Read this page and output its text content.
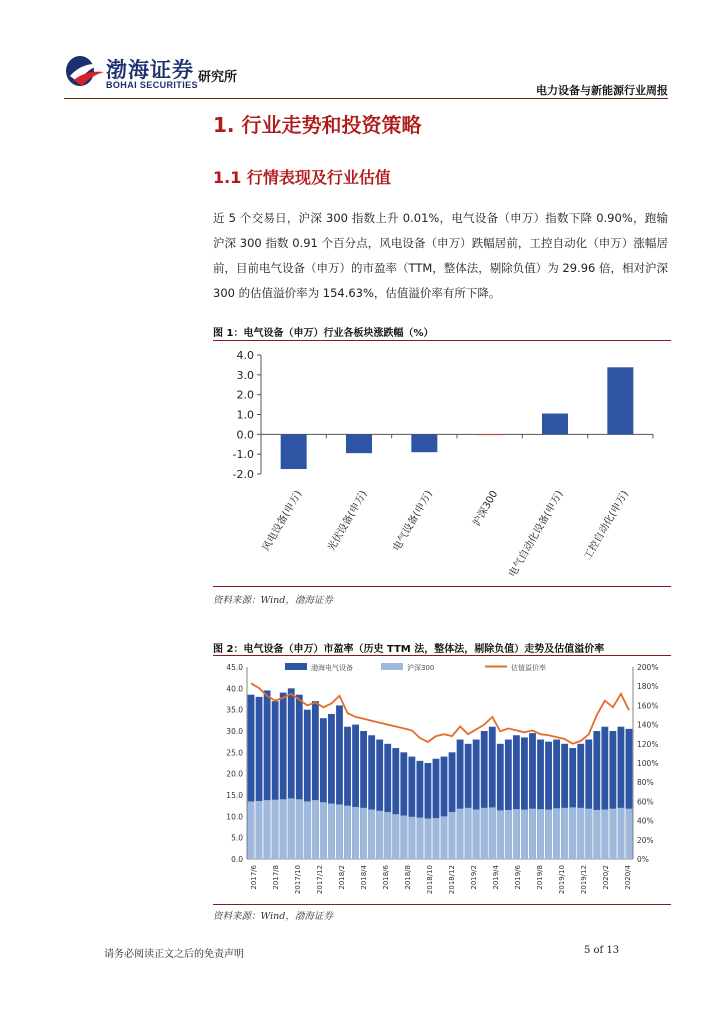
渤海证券
BOHAI SECURITIES 研究所
电力设备与新能源行业周报
1. 行业走势和投资策略
1.1 行情表现及行业估值
近 5 个交易日，沪深 300 指数上升 0.01%，电气设备（申万）指数下降 0.90%，跑输沪深 300 指数 0.91 个百分点，风电设备（申万）跌幅居前，工控自动化（申万）涨幅居前，目前电气设备（申万）的市盈率（TTM，整体法，剔除负值）为 29.96 倍，相对沪深 300 的估值溢价率为 154.63%，估值溢价率有所下降。
图 1：电气设备（申万）行业各板块涨跌幅（%）
4.0
3.0
2.0
1.0
0.0
-1.0
-2.0
风电设备(申万) 光伏设备(申万) 电气设备(申万)	沪深300 电气自动化设备(申万) 工控自动化(申万)
资料来源：Wind，渤海证券
图 2：电气设备（申万）市盈率（历史 TTM 法，整体法，剔除负值）走势及估值溢价率
渤海电气设备	沪深300	估值溢价率
45.0
40.0
35.0
30.0
25.0
20.0
15.0
10.0
5.0
0.0
200%
180%
160%
140%
120%
100%
80%
60%
40%
20%
0%
2017/6 2017/8 2017/10 2017/12 2018/2 2018/4 2018/6 2018/8 2018/10 2018/12 2019/2 2019/4 2019/6 2019/8 2019/10 2019/12 2020/2 2020/4
资料来源：Wind，渤海证券
请务必阅读正文之后的免责声明	5 of 13
